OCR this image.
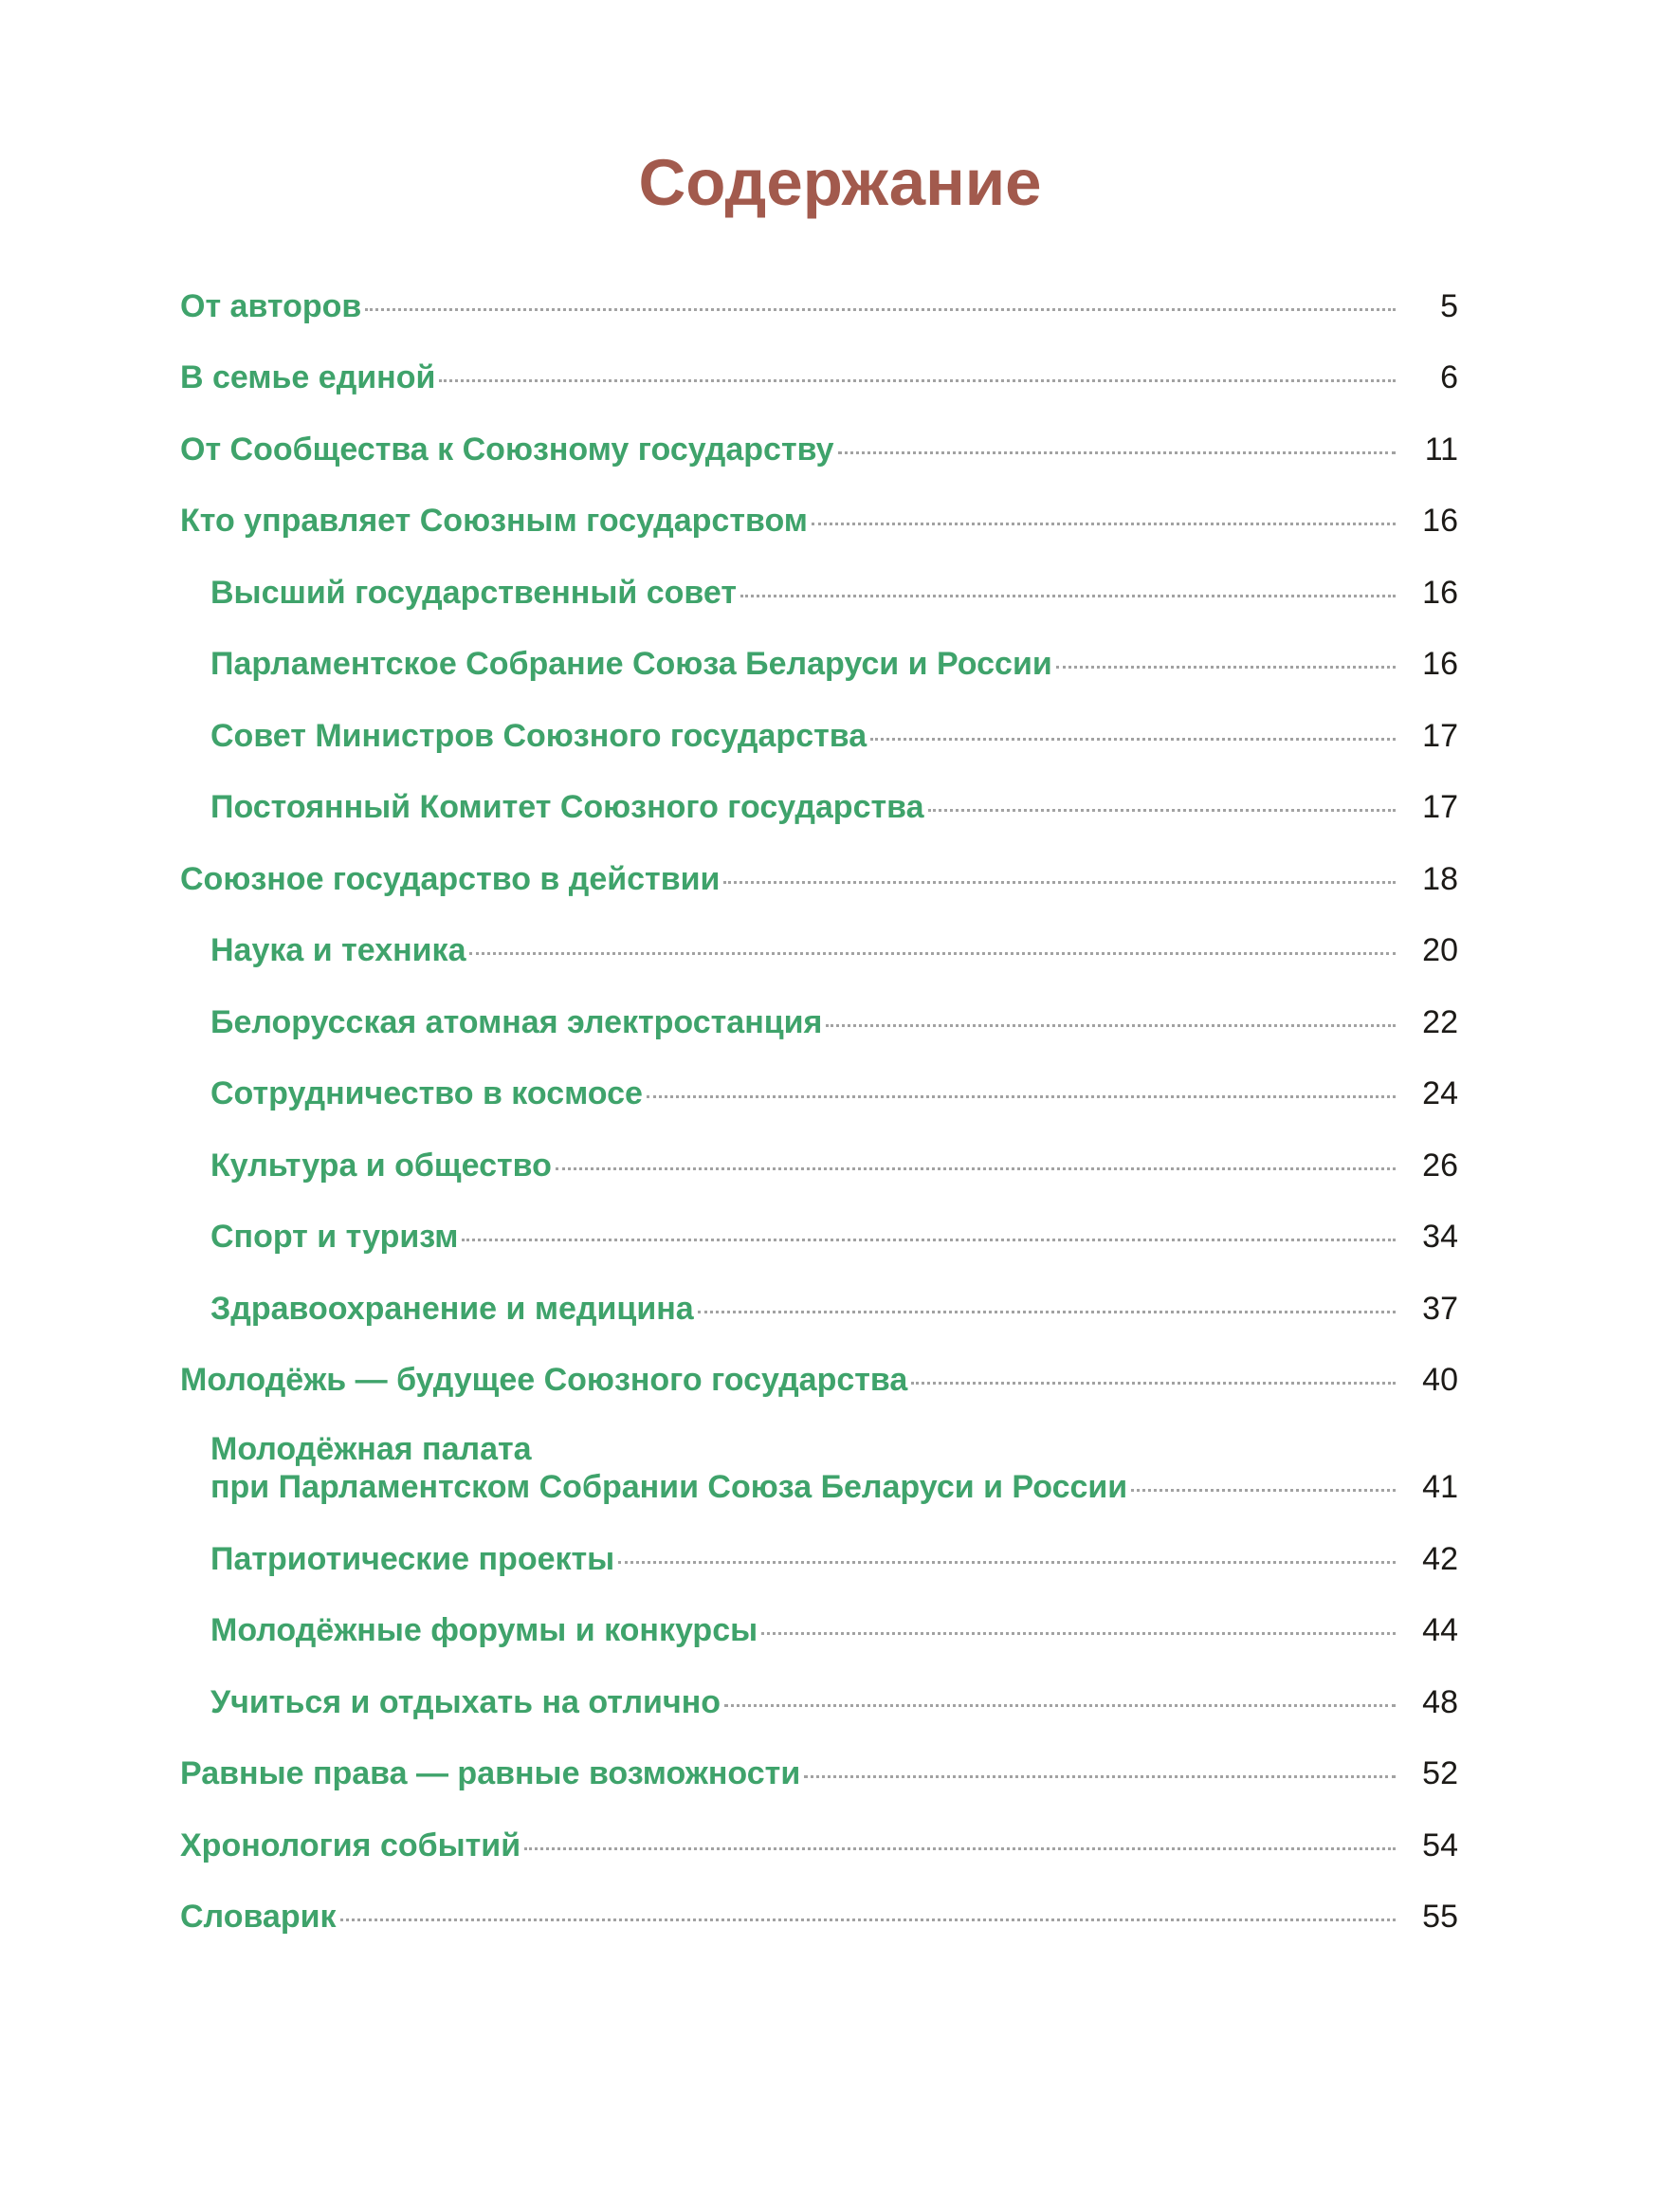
Содержание
От авторов	5
В семье единой	6
От Сообщества к Союзному государству	11
Кто управляет Союзным государством	16
Высший государственный совет	16
Парламентское Собрание Союза Беларуси и России	16
Совет Министров Союзного государства	17
Постоянный Комитет Союзного государства	17
Союзное государство в действии	18
Наука и техника	20
Белорусская атомная электростанция	22
Сотрудничество в космосе	24
Культура и общество	26
Спорт и туризм	34
Здравоохранение и медицина	37
Молодёжь — будущее Союзного государства	40
Молодёжная палата
при Парламентском Собрании Союза Беларуси и России	41
Патриотические проекты	42
Молодёжные форумы и конкурсы	44
Учиться и отдыхать на отлично	48
Равные права — равные возможности	52
Хронология событий	54
Словарик	55
